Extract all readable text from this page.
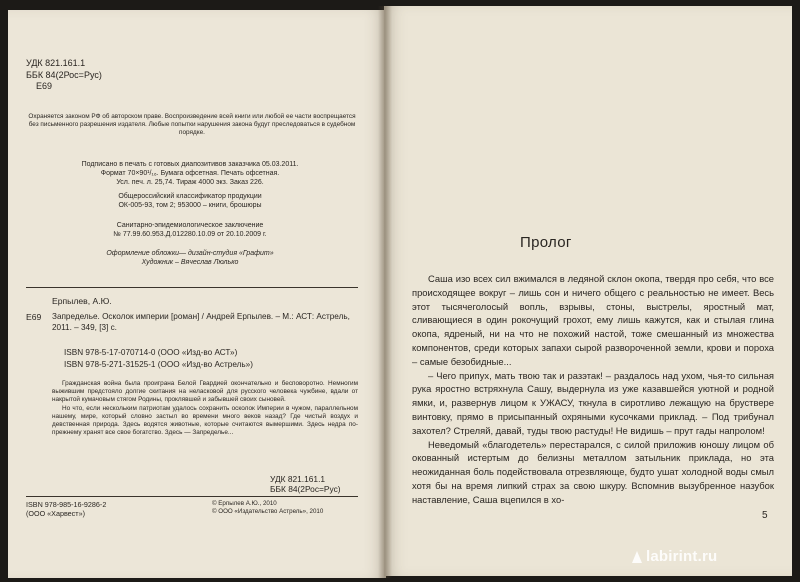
УДК 821.161.1
ББК 84(2Рос=Рус)
Е69
Охраняется законом РФ об авторском праве. Воспроизведение всей книги или любой ее части воспрещается без письменного разрешения издателя. Любые попытки нарушения закона будут преследоваться в судебном порядке.
Подписано в печать с готовых диапозитивов заказчика 05.03.2011.
Формат 70×90¹/₁₆. Бумага офсетная. Печать офсетная.
Усл. печ. л. 25,74. Тираж 4000 экз. Заказ 226.
Общероссийский классификатор продукции
ОК-005-93, том 2; 953000 – книги, брошюры
Санитарно-эпидемиологическое заключение
№ 77.99.60.953.Д.012280.10.09 от 20.10.2009 г.
Оформление обложки— дизайн-студия «Графит»
Художник – Вячеслав Люлько
Ерпылев, А.Ю.
Е69 Запределье. Осколок империи [роман] / Андрей Ерпылев. – М.: АСТ: Астрель, 2011. – 349, [3] с.
ISBN 978-5-17-070714-0 (ООО «Изд-во АСТ»)
ISBN 978-5-271-31525-1 (ООО «Изд-во Астрель»)
Гражданская война была проиграна Белой Гвардией окончательно и бесповоротно. Немногим выжившим предстояло долгие скитания на нелaсковой для русского человека чужбине, вдали от накрытой кумачовым стягом Родины, проклявшей и забывшей своих сыновей.
Но что, если нескольким патриотам удалось сохранить осколок Империи в чужом, параллельном нашему, мире, который словно застыл во времени много веков назад? Где чистый воздух и девственная природа. Здесь водятся животные, которые считаются вымершими. Здесь недра по-прежнему хранят все свое богатство. Здесь — Запределье...
УДК 821.161.1
ББК 84(2Рос=Рус)
ISBN 978-985-16-9286-2
(ООО «Харвест»)
© Ерпылев А.Ю., 2010
© ООО «Издательство Астрель», 2010
Пролог

Саша изо всех сил вжимался в ледяной склон окопа, твердя про себя, что все происходящее вокруг – лишь сон и ничего общего с реальностью не имеет. Весь этот тысячеголосый вопль, взрывы, стоны, выстрелы, яростный мат, сливающиеся в один рокочущий грохот, ему лишь кажутся, как и стылая глина окопа, ядреный, ни на что не похожий настой, тоже смешанный из множества компонентов, среди которых запахи сырой развороченной земли, крови и пороха – самые безобидные...

– Чего припух, мать твою так и разэтак! – раздалось над ухом, чья-то сильная рука яростно встряхнула Сашу, выдернула из уже казавшейся уютной и родной ямки, и, развернув лицом к УЖАСУ, ткнула в сиротливо лежащую на бруствере винтовку, прямо в присыпанный охряными кусочками приклад. – Под трибунал захотел? Стреляй, давай, туды твою растуды! Не видишь – прут гады напролом!

Неведомый «благодетель» перестарался, с силой приложив юношу лицом об окованный истертым до белизны металлом затыльник приклада, но эта неожиданная боль подействовала отрезвляюще, будто ушат холодной воды смыл хотя бы на время липкий страх за свою шкуру. Вспомнив вызубренное назубок наставление, Саша вцепился в хо-

5
labirint.ru
